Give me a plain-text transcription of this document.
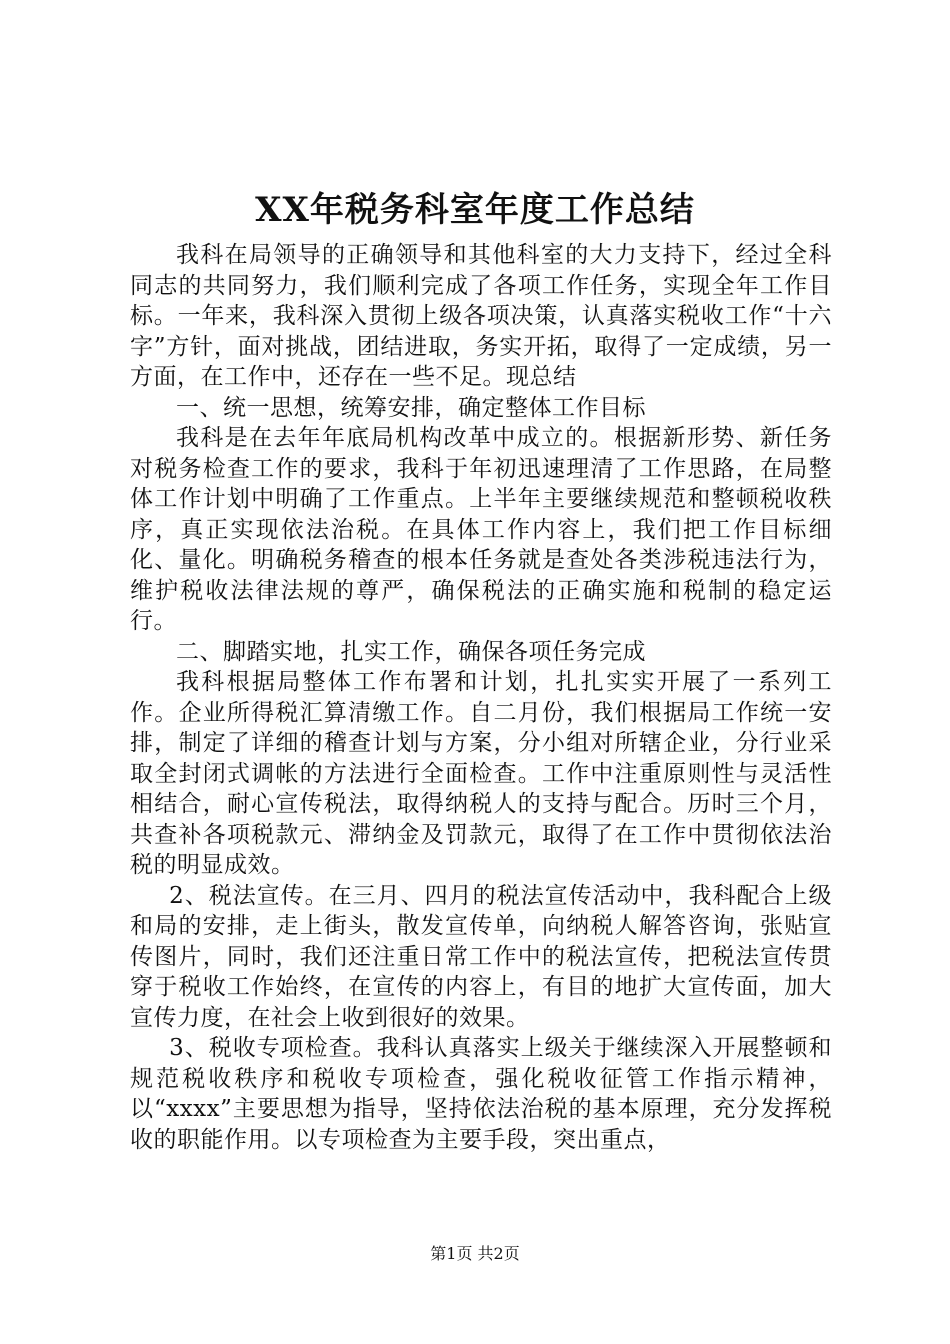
XX年税务科室年度工作总结

我科在局领导的正确领导和其他科室的大力支持下，经过全科同志的共同努力，我们顺利完成了各项工作任务，实现全年工作目标。一年来，我科深入贯彻上级各项决策，认真落实税收工作“十六字”方针，面对挑战，团结进取，务实开拓，取得了一定成绩，另一方面，在工作中，还存在一些不足。现总结

一、统一思想，统筹安排，确定整体工作目标

我科是在去年年底局机构改革中成立的。根据新形势、新任务对税务检查工作的要求，我科于年初迅速理清了工作思路，在局整体工作计划中明确了工作重点。上半年主要继续规范和整顿税收秩序，真正实现依法治税。在具体工作内容上，我们把工作目标细化、量化。明确税务稽查的根本任务就是查处各类涉税违法行为，维护税收法律法规的尊严，确保税法的正确实施和税制的稳定运行。

二、脚踏实地，扎实工作，确保各项任务完成

我科根据局整体工作布署和计划，扎扎实实开展了一系列工作。企业所得税汇算清缴工作。自二月份，我们根据局工作统一安排，制定了详细的稽查计划与方案，分小组对所辖企业，分行业采取全封闭式调帐的方法进行全面检查。工作中注重原则性与灵活性相结合，耐心宣传税法，取得纳税人的支持与配合。历时三个月，共查补各项税款元、滞纳金及罚款元，取得了在工作中贯彻依法治税的明显成效。

2、税法宣传。在三月、四月的税法宣传活动中，我科配合上级和局的安排，走上街头，散发宣传单，向纳税人解答咨询，张贴宣传图片，同时，我们还注重日常工作中的税法宣传，把税法宣传贯穿于税收工作始终，在宣传的内容上，有目的地扩大宣传面，加大宣传力度，在社会上收到很好的效果。

3、税收专项检查。我科认真落实上级关于继续深入开展整顿和规范税收秩序和税收专项检查，强化税收征管工作指示精神，以“xxxx”主要思想为指导，坚持依法治税的基本原理，充分发挥税收的职能作用。以专项检查为主要手段，突出重点，

第1页 共2页
